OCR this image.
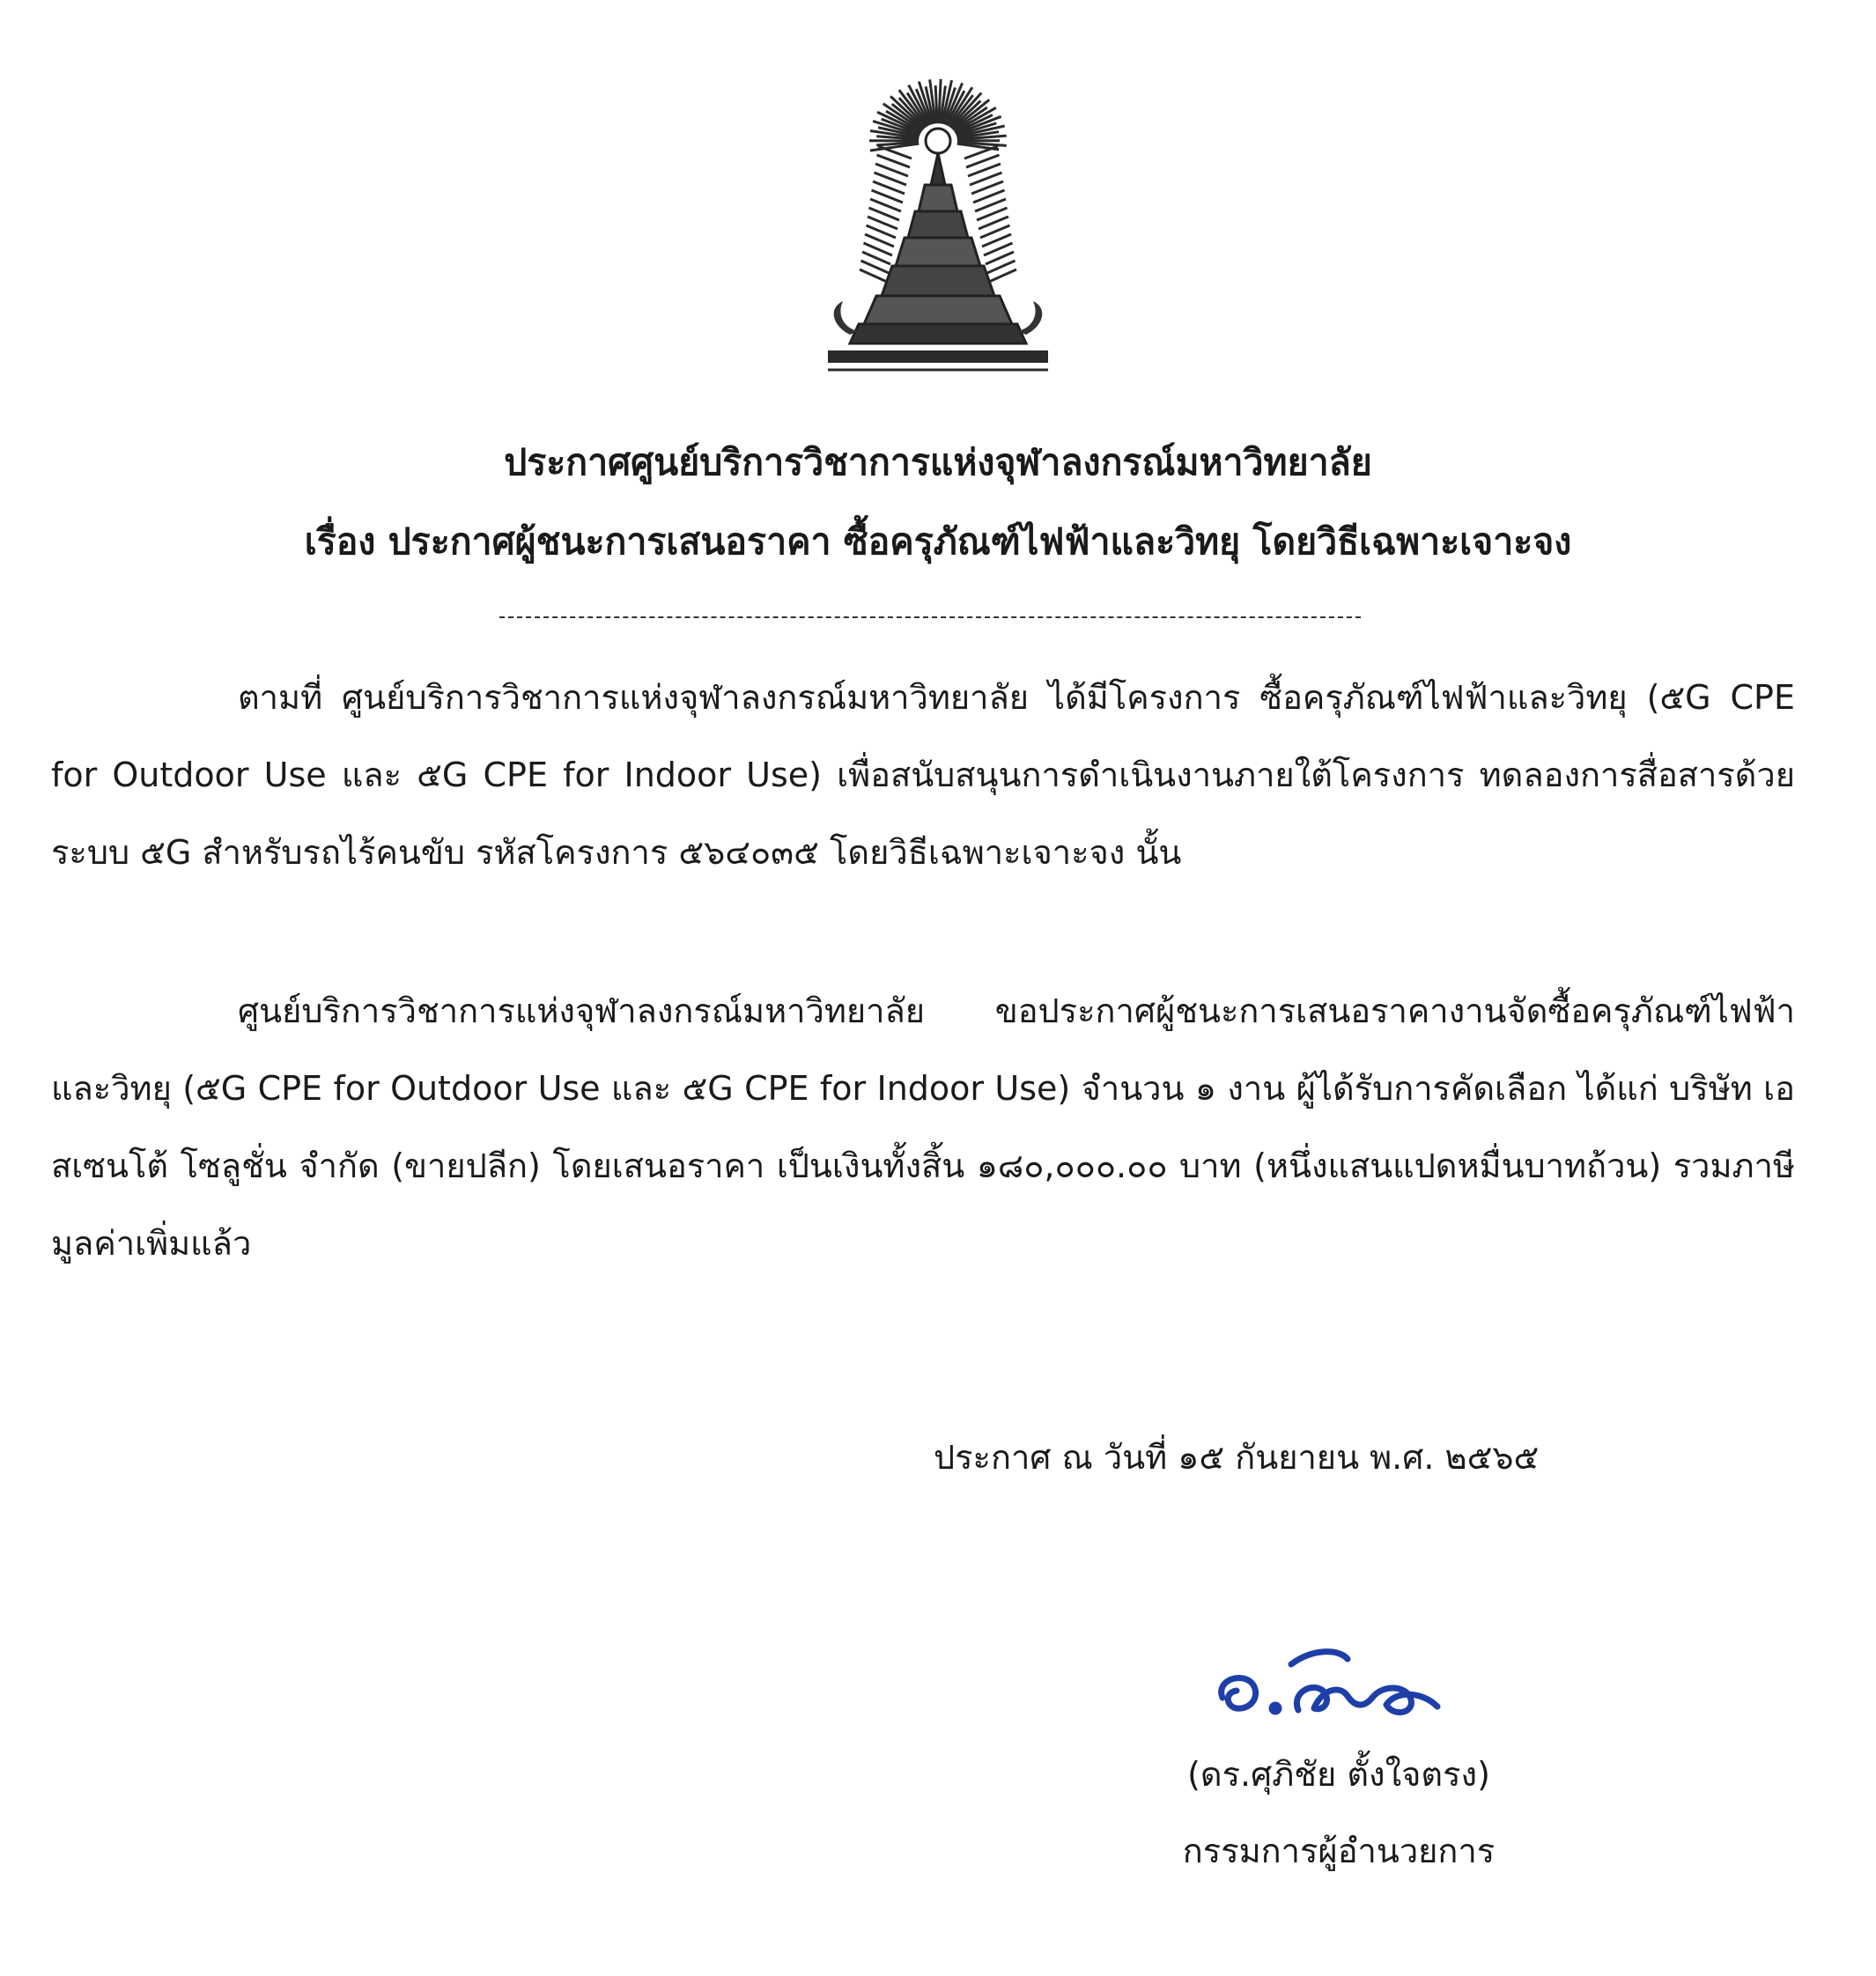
ประกาศศูนย์บริการวิชาการแห่งจุฬาลงกรณ์มหาวิทยาลัย
เรื่อง ประกาศผู้ชนะการเสนอราคา ซื้อครุภัณฑ์ไฟฟ้าและวิทยุ โดยวิธีเฉพาะเจาะจง

ตามที่ ศูนย์บริการวิชาการแห่งจุฬาลงกรณ์มหาวิทยาลัย ได้มีโครงการ ซื้อครุภัณฑ์ไฟฟ้าและวิทยุ (๕G CPE for Outdoor Use และ ๕G CPE for Indoor Use) เพื่อสนับสนุนการดำเนินงานภายใต้โครงการ ทดลองการสื่อสารด้วยระบบ ๕G สำหรับรถไร้คนขับ รหัสโครงการ ๕๖๔๐๓๕ โดยวิธีเฉพาะเจาะจง นั้น

ศูนย์บริการวิชาการแห่งจุฬาลงกรณ์มหาวิทยาลัย ขอประกาศผู้ชนะการเสนอราคางานจัดซื้อครุภัณฑ์ไฟฟ้าและวิทยุ (๕G CPE for Outdoor Use และ ๕G CPE for Indoor Use) จำนวน ๑ งาน ผู้ได้รับการคัดเลือก ได้แก่ บริษัท เอสเซนโต้ โซลูชั่น จำกัด (ขายปลีก) โดยเสนอราคา เป็นเงินทั้งสิ้น ๑๘๐,๐๐๐.๐๐ บาท (หนึ่งแสนแปดหมื่นบาทถ้วน) รวมภาษีมูลค่าเพิ่มแล้ว

ประกาศ ณ วันที่ ๑๕ กันยายน พ.ศ. ๒๕๖๕
(ดร.ศุภิชัย ตั้งใจตรง)
กรรมการผู้อำนวยการ
